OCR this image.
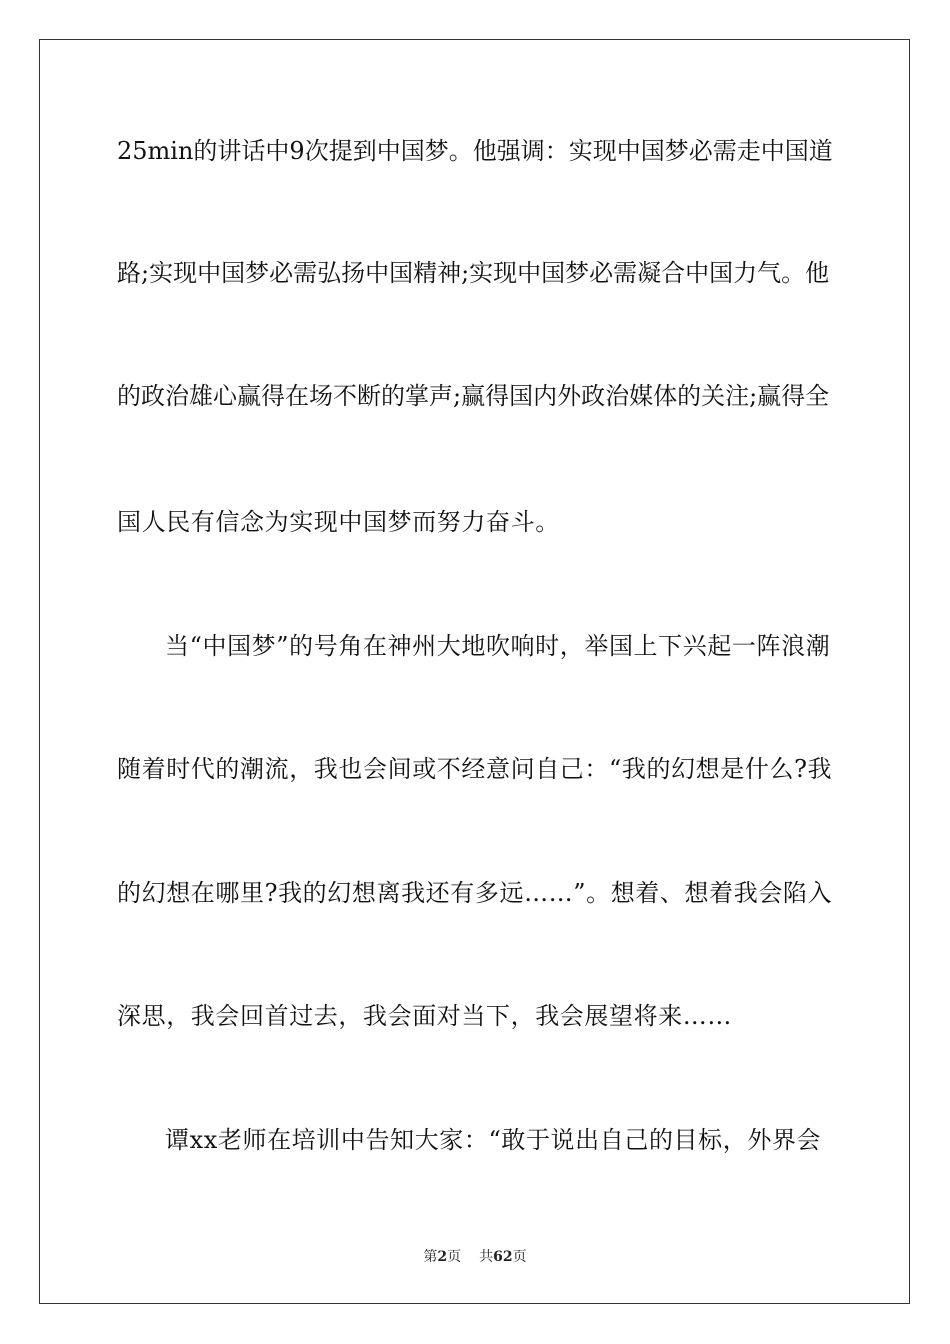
25min的讲话中9次提到中国梦。他强调：实现中国梦必需走中国道
路;实现中国梦必需弘扬中国精神;实现中国梦必需凝合中国力气。他
的政治雄心赢得在场不断的掌声;赢得国内外政治媒体的关注;赢得全
国人民有信念为实现中国梦而努力奋斗。
当“中国梦”的号角在神州大地吹响时，举国上下兴起一阵浪潮
随着时代的潮流，我也会间或不经意问自己：“我的幻想是什么?我
的幻想在哪里?我的幻想离我还有多远……”。想着、想着我会陷入
深思，我会回首过去，我会面对当下，我会展望将来……
谭xx老师在培训中告知大家：“敢于说出自己的目标，外界会
第2页 共62页
